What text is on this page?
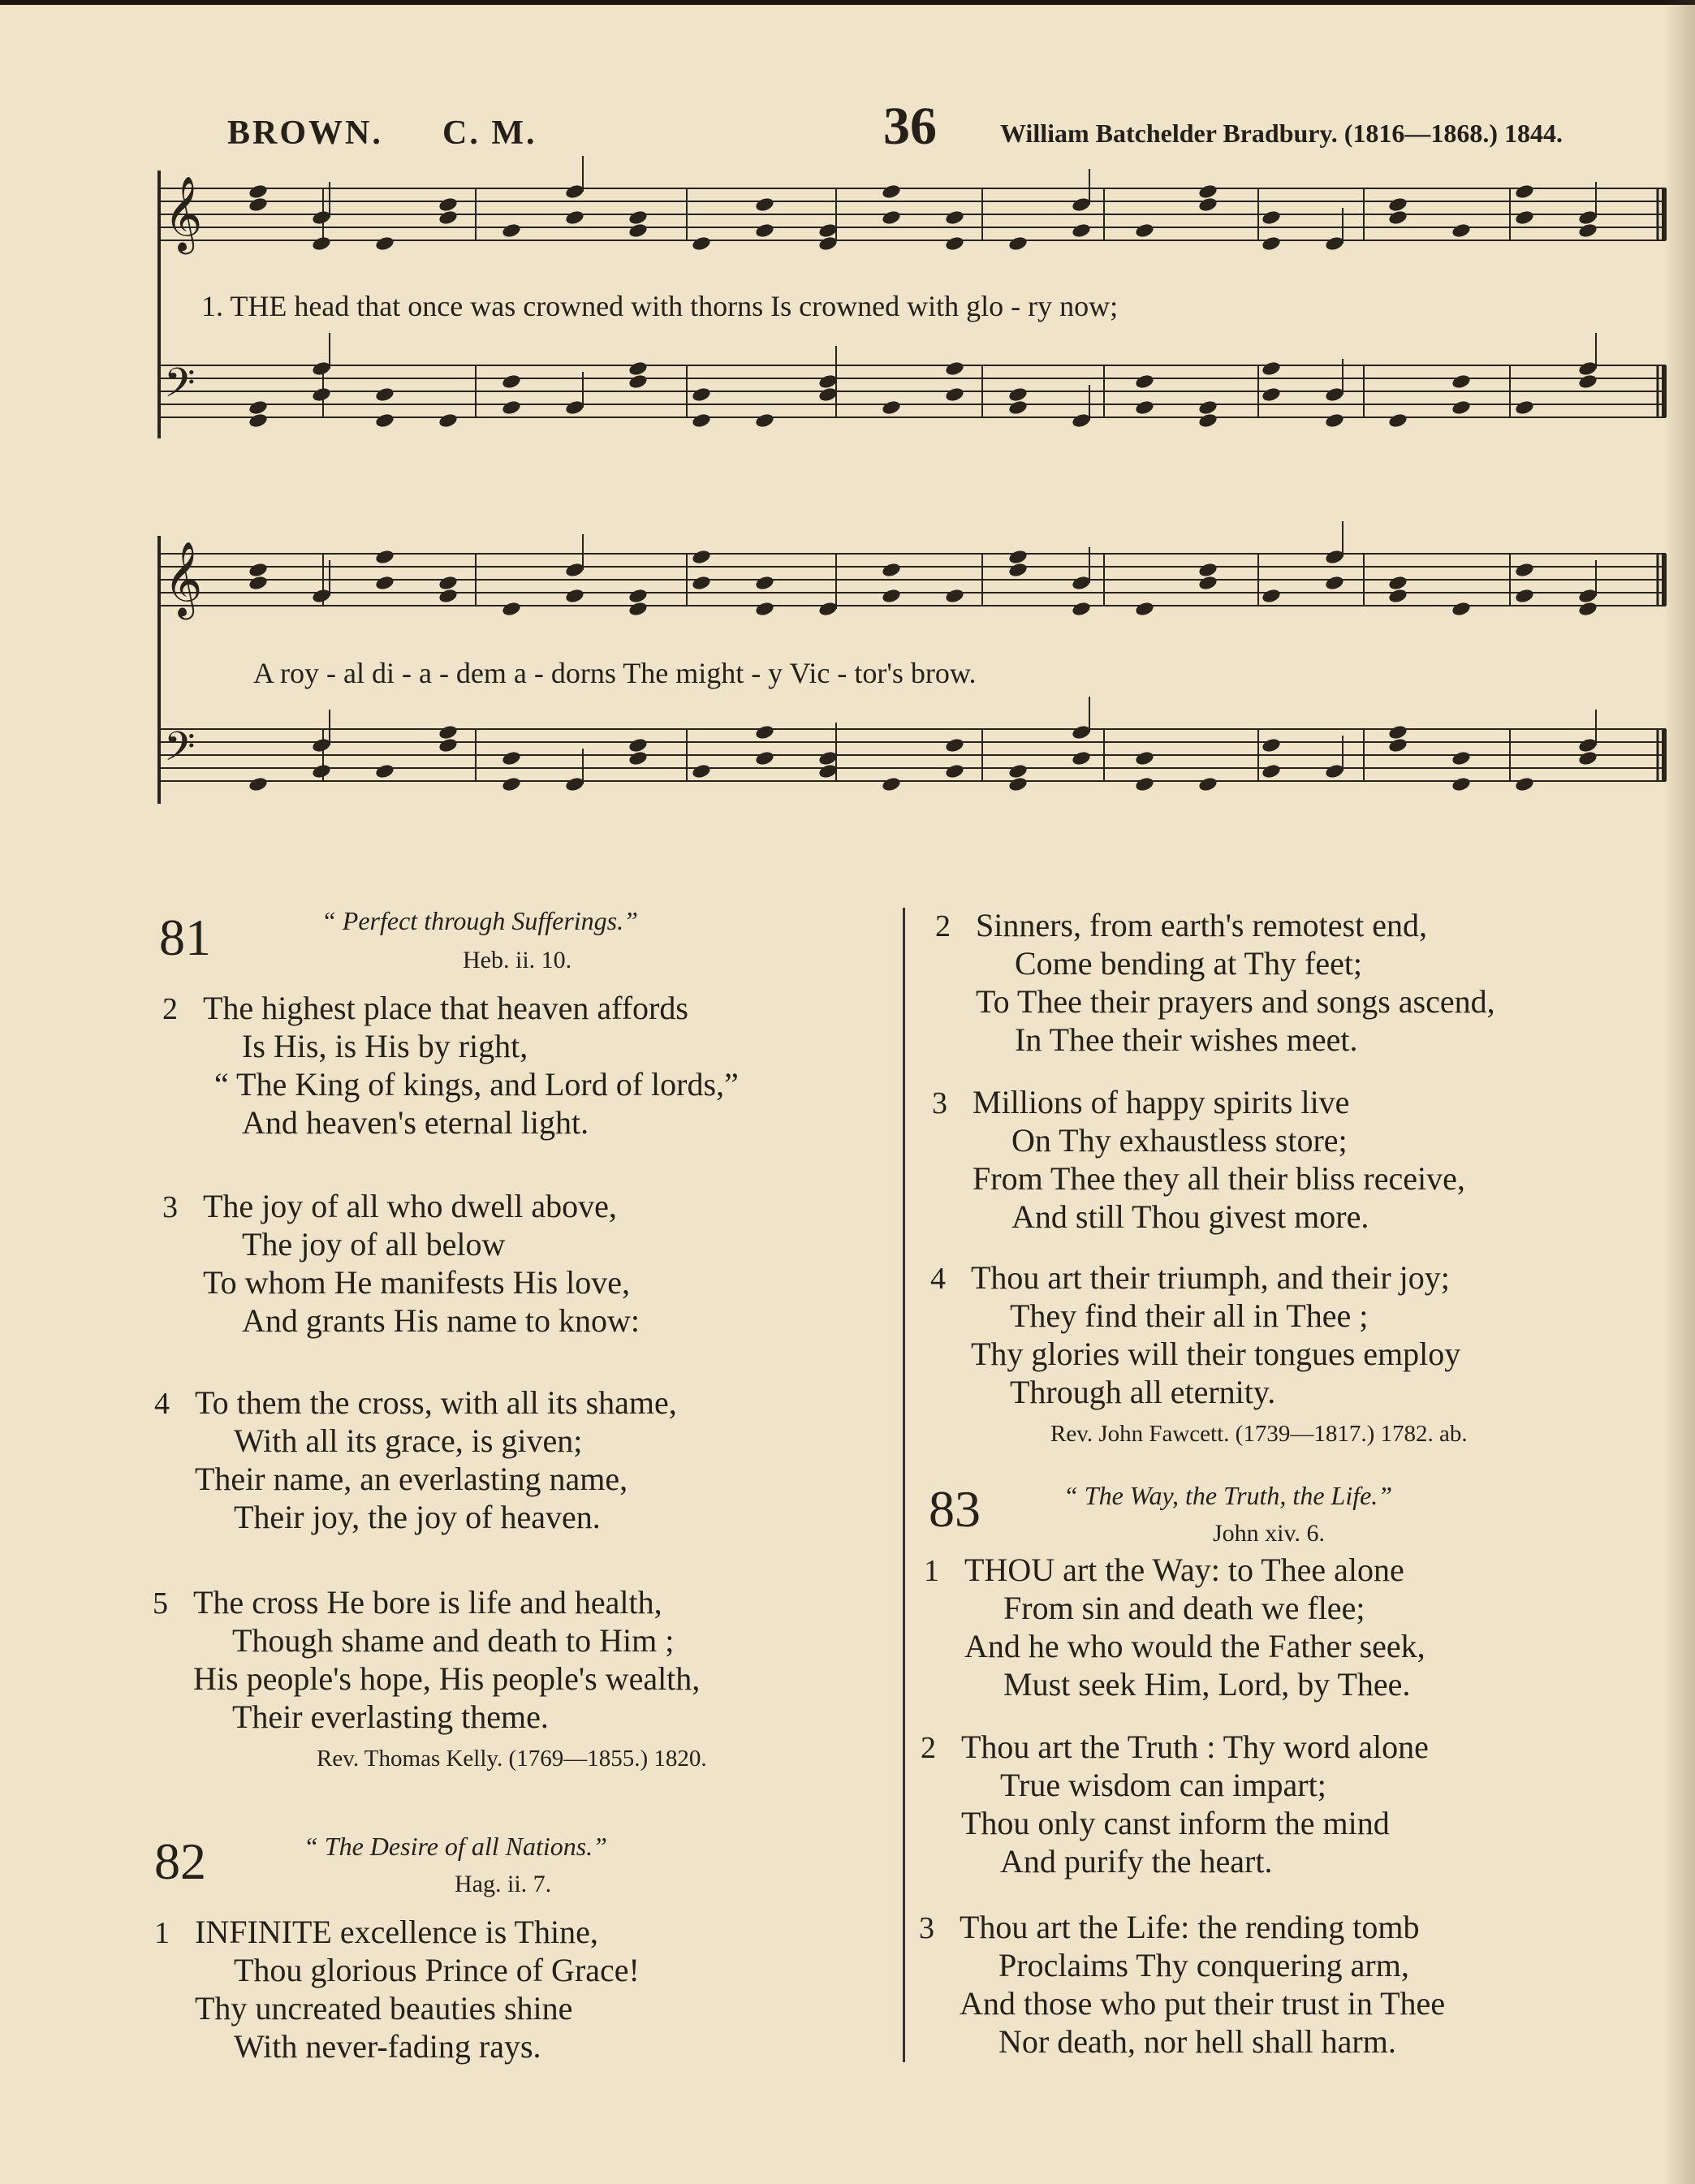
BROWN. C. M.	36 William Batchelder Bradbury. (1816—1868.) 1844.
𝄞
𝄢
𝄞
𝄢
1. THE head that once was crowned with thorns Is crowned with glo - ry now;
A roy - al di - a - dem a - dorns The might - y Vic - tor's brow.
81	“ Perfect through Sufferings.”
Heb. ii. 10.
2 The highest place that heaven affords
Is His, is His by right,
“ The King of kings, and Lord of lords,”
And heaven's eternal light.
3 The joy of all who dwell above,
The joy of all below
To whom He manifests His love,
And grants His name to know:
4 To them the cross, with all its shame,
With all its grace, is given;
Their name, an everlasting name,
Their joy, the joy of heaven.
5 The cross He bore is life and health,
Though shame and death to Him ;
His people's hope, His people's wealth,
Their everlasting theme.
Rev. Thomas Kelly. (1769—1855.) 1820.
82	“ The Desire of all Nations.”
Hag. ii. 7.
1 INFINITE excellence is Thine,
Thou glorious Prince of Grace!
Thy uncreated beauties shine
With never-fading rays.
2 Sinners, from earth's remotest end,
Come bending at Thy feet;
To Thee their prayers and songs ascend,
In Thee their wishes meet.
3 Millions of happy spirits live
On Thy exhaustless store;
From Thee they all their bliss receive,
And still Thou givest more.
4 Thou art their triumph, and their joy;
They find their all in Thee ;
Thy glories will their tongues employ
Through all eternity.
Rev. John Fawcett. (1739—1817.) 1782. ab.
83	“ The Way, the Truth, the Life.”
John xiv. 6.
1 THOU art the Way: to Thee alone
From sin and death we flee;
And he who would the Father seek,
Must seek Him, Lord, by Thee.
2 Thou art the Truth : Thy word alone
True wisdom can impart;
Thou only canst inform the mind
And purify the heart.
3 Thou art the Life: the rending tomb
Proclaims Thy conquering arm,
And those who put their trust in Thee
Nor death, nor hell shall harm.
